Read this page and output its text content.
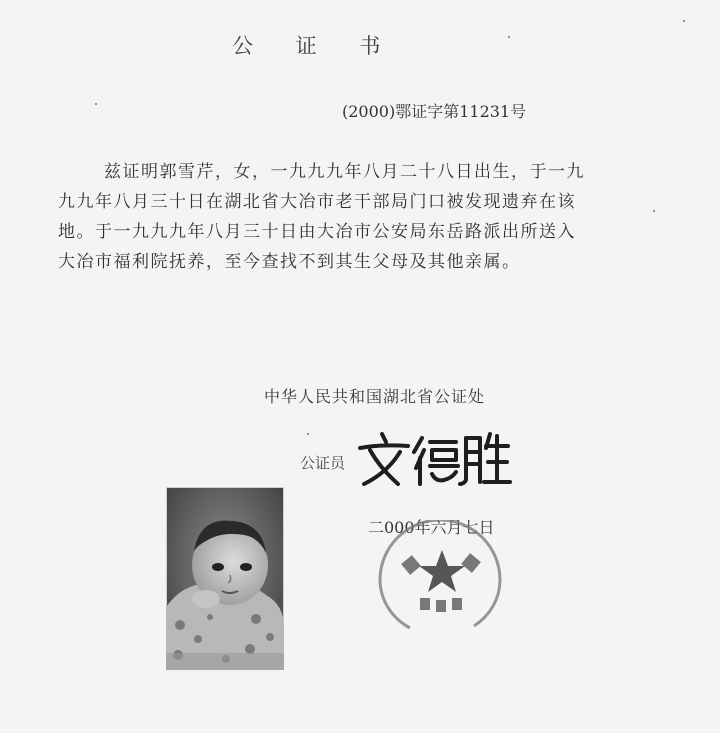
公 证 书
(2000)鄂证字第11231号
兹证明郭雪芹，女，一九九九年八月二十八日出生，于一九九九年八月三十日在湖北省大冶市老干部局门口被发现遗弃在该地。于一九九九年八月三十日由大冶市公安局东岳路派出所送入大冶市福利院抚养，至今查找不到其生父母及其他亲属。
中华人民共和国湖北省公证处
公证员
二000年六月七日
